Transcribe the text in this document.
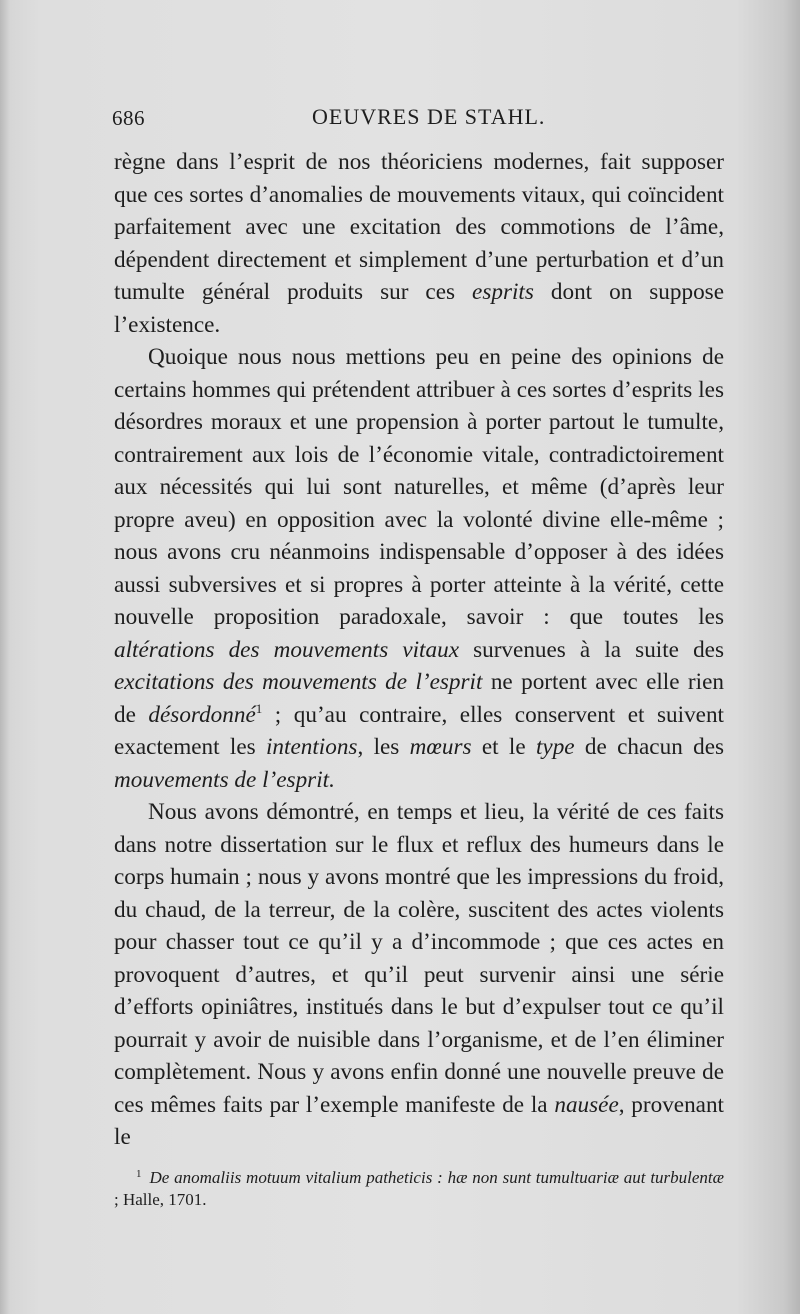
686	OEUVRES DE STAHL.

règne dans l’esprit de nos théoriciens modernes, fait supposer que ces sortes d’anomalies de mouvements vitaux, qui coïncident parfaitement avec une excitation des commotions de l’âme, dépendent directement et simplement d’une perturbation et d’un tumulte général produits sur ces esprits dont on suppose l’existence.

Quoique nous nous mettions peu en peine des opinions de certains hommes qui prétendent attribuer à ces sortes d’esprits les désordres moraux et une propension à porter partout le tumulte, contrairement aux lois de l’économie vitale, contradictoirement aux nécessités qui lui sont naturelles, et même (d’après leur propre aveu) en opposition avec la volonté divine elle-même ; nous avons cru néanmoins indispensable d’opposer à des idées aussi subversives et si propres à porter atteinte à la vérité, cette nouvelle proposition paradoxale, savoir : que toutes les altérations des mouvements vitaux survenues à la suite des excitations des mouvements de l’esprit ne portent avec elle rien de désordonné$^1$ ; qu’au contraire, elles conservent et suivent exactement les intentions, les mœurs et le type de chacun des mouvements de l’esprit.

Nous avons démontré, en temps et lieu, la vérité de ces faits dans notre dissertation sur le flux et reflux des humeurs dans le corps humain ; nous y avons montré que les impressions du froid, du chaud, de la terreur, de la colère, suscitent des actes violents pour chasser tout ce qu’il y a d’incommode ; que ces actes en provoquent d’autres, et qu’il peut survenir ainsi une série d’efforts opiniâtres, institués dans le but d’expulser tout ce qu’il pourrait y avoir de nuisible dans l’organisme, et de l’en éliminer complètement. Nous y avons enfin donné une nouvelle preuve de ces mêmes faits par l’exemple manifeste de la nausée, provenant le

$^1$ De anomaliis motuum vitalium patheticis : hæ non sunt tumultuariæ aut turbulentæ ; Halle, 1701.
